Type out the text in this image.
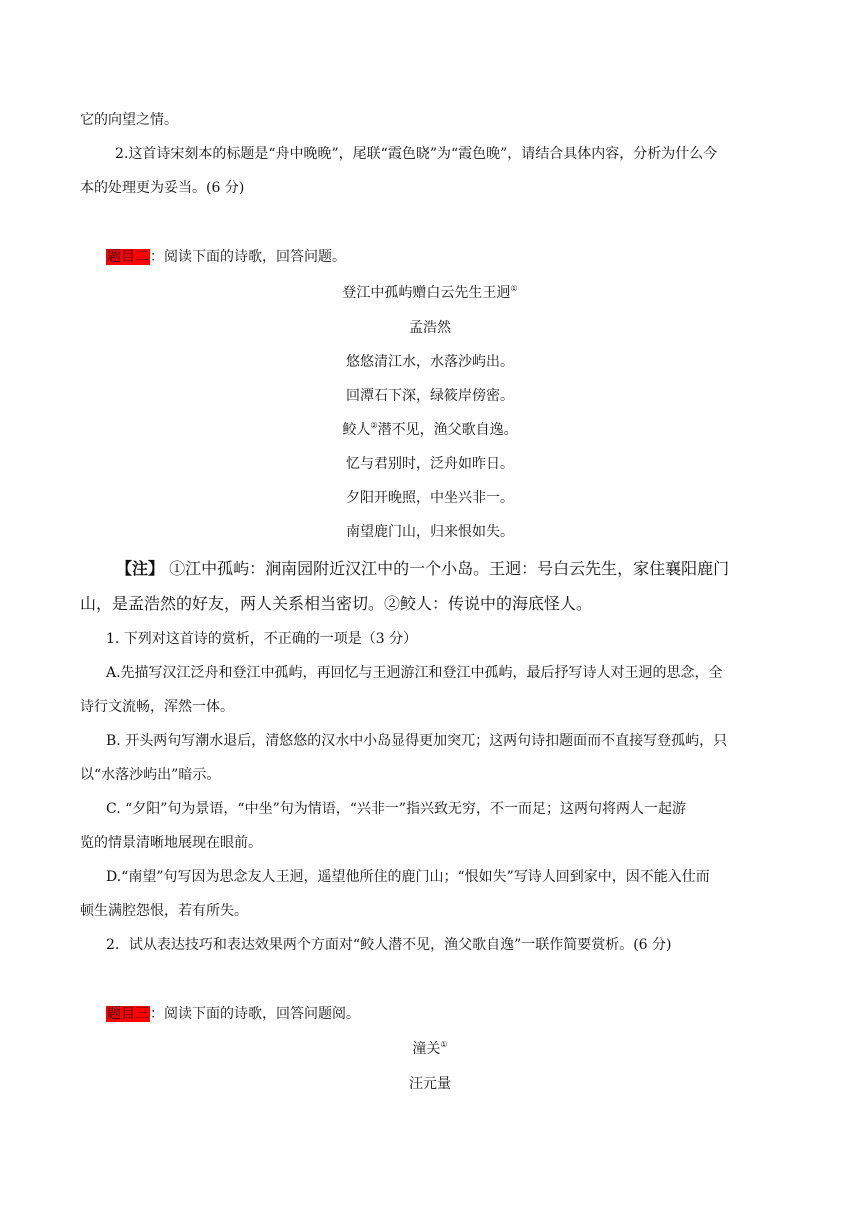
它的向望之情。
2.这首诗宋刻本的标题是“舟中晚晚”，尾联“霞色晓”为“霞色晚”，请结合具体内容，分析为什么今
本的处理更为妥当。(6 分)
题目二：阅读下面的诗歌，回答问题。
登江中孤屿赠白云先生王迥①
孟浩然
悠悠清江水，水落沙屿出。
回潭石下深，绿筱岸傍密。
鲛人②潜不见，渔父歌自逸。
忆与君别时，泛舟如昨日。
夕阳开晚照，中坐兴非一。
南望鹿门山，归来恨如失。
【注】 ①江中孤屿：涧南园附近汉江中的一个小岛。王迥：号白云先生，家住襄阳鹿门
山，是孟浩然的好友，两人关系相当密切。②鲛人：传说中的海底怪人。
1. 下列对这首诗的赏析，不正确的一项是（3 分）
A.先描写汉江泛舟和登江中孤屿，再回忆与王迥游江和登江中孤屿，最后抒写诗人对王迥的思念，全
诗行文流畅，浑然一体。
B. 开头两句写潮水退后，清悠悠的汉水中小岛显得更加突兀；这两句诗扣题面而不直接写登孤屿，只
以“水落沙屿出”暗示。
C. “夕阳”句为景语，“中坐”句为情语，“兴非一”指兴致无穷，不一而足；这两句将两人一起游
览的情景清晰地展现在眼前。
D.“南望”句写因为思念友人王迥，遥望他所住的鹿门山；“恨如失”写诗人回到家中，因不能入仕而
顿生满腔怨恨，若有所失。
2．试从表达技巧和表达效果两个方面对“鲛人潜不见，渔父歌自逸”一联作简要赏析。(6 分)
题目三：阅读下面的诗歌，回答问题阅。
潼关①
汪元量
